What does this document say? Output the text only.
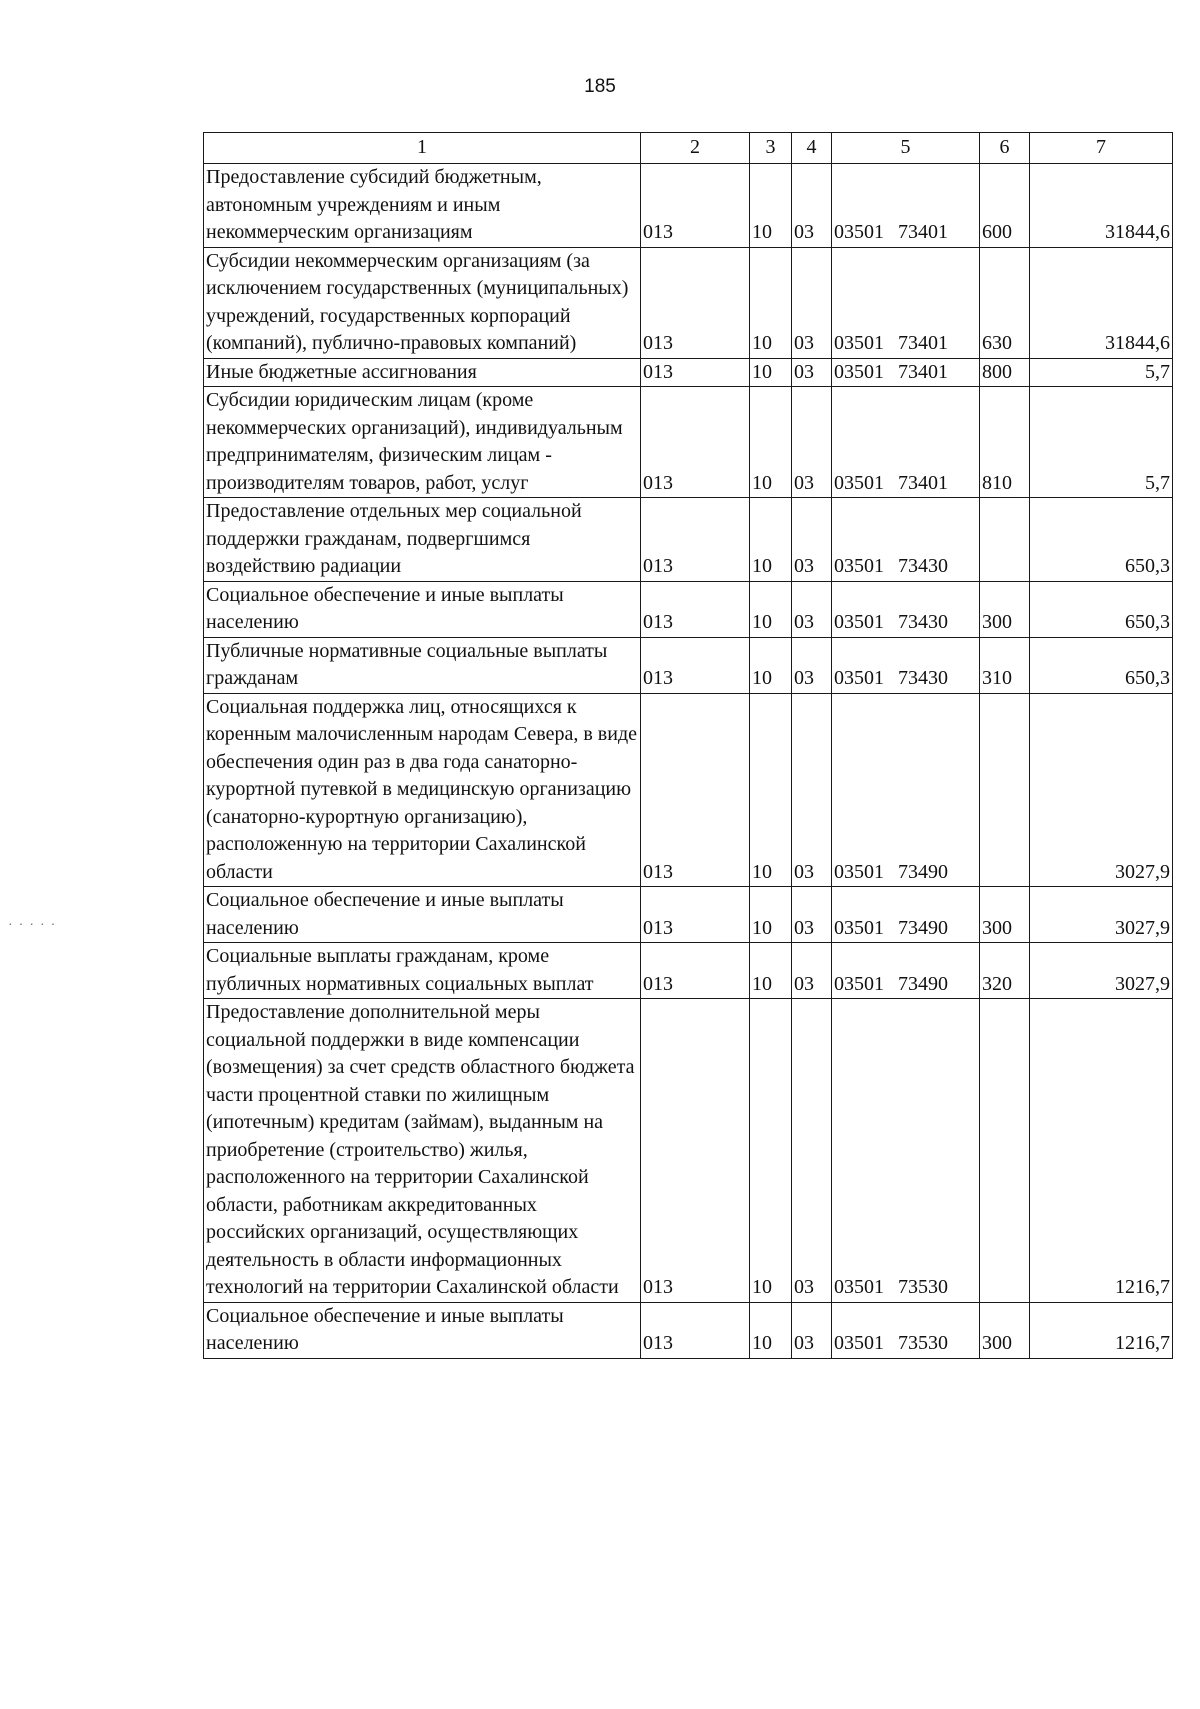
185
·····
1	2	3	4	5	6	7
Предоставление субсидий бюджетным, автономным учреждениям и иным некоммерческим организациям	013	10	03	03501 73401	600	31844,6
Субсидии некоммерческим организациям (за исключением государственных (муниципальных) учреждений, государственных корпораций (компаний), публично-правовых компаний)	013	10	03	03501 73401	630	31844,6
Иные бюджетные ассигнования	013	10	03	03501 73401	800	5,7
Субсидии юридическим лицам (кроме некоммерческих организаций), индивидуальным предпринимателям, физическим лицам - производителям товаров, работ, услуг	013	10	03	03501 73401	810	5,7
Предоставление отдельных мер социальной поддержки гражданам, подвергшимся воздействию радиации	013	10	03	03501 73430		650,3
Социальное обеспечение и иные выплаты населению	013	10	03	03501 73430	300	650,3
Публичные нормативные социальные выплаты гражданам	013	10	03	03501 73430	310	650,3
Социальная поддержка лиц, относящихся к коренным малочисленным народам Севера, в виде обеспечения один раз в два года санаторно-курортной путевкой в медицинскую организацию (санаторно-курортную организацию), расположенную на территории Сахалинской области	013	10	03	03501 73490		3027,9
Социальное обеспечение и иные выплаты населению	013	10	03	03501 73490	300	3027,9
Социальные выплаты гражданам, кроме публичных нормативных социальных выплат	013	10	03	03501 73490	320	3027,9
Предоставление дополнительной меры социальной поддержки в виде компенсации (возмещения) за счет средств областного бюджета части процентной ставки по жилищным (ипотечным) кредитам (займам), выданным на приобретение (строительство) жилья, расположенного на территории Сахалинской области, работникам аккредитованных российских организаций, осуществляющих деятельность в области информационных технологий на территории Сахалинской области	013	10	03	03501 73530		1216,7
Социальное обеспечение и иные выплаты населению	013	10	03	03501 73530	300	1216,7
